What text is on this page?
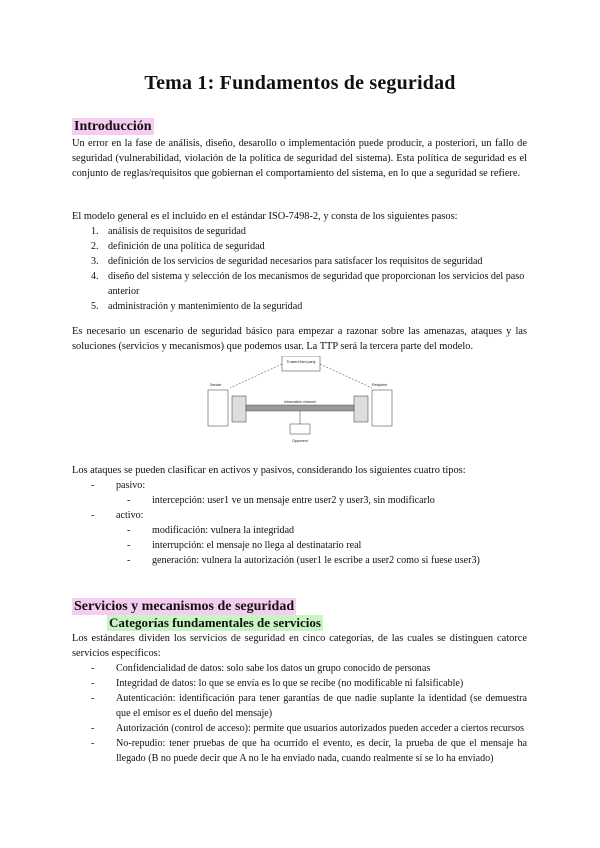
Tema 1: Fundamentos de seguridad
Introducción

Un error en la fase de análisis, diseño, desarollo o implementación puede producir, a posteriori, un fallo de seguridad (vulnerabilidad, violación de la política de seguridad del sistema). Esta política de seguridad es el conjunto de reglas/requisitos que gobiernan el comportamiento del sistema, en lo que a seguridad se refiere.

El modelo general es el incluido en el estándar ISO-7498-2, y consta de los siguientes pasos:

1. análisis de requisitos de seguridad
2. definición de una política de seguridad
3. definición de los servicios de seguridad necesarios para satisfacer los requisitos de seguridad
4. diseño del sistema y selección de los mecanismos de seguridad que proporcionan los servicios del paso anterior
5. administración y mantenimiento de la seguridad

Es necesario un escenario de seguridad básico para empezar a razonar sobre las amenazas, ataques y las soluciones (servicios y mecanismos) que podemos usar. La TTP será la tercera parte del modelo.

Trusted third party
Sender	Recipient
Information channel
Opponent

Los ataques se pueden clasificar en activos y pasivos, considerando los siguientes cuatro tipos:

- pasivo:
- intercepción: user1 ve un mensaje entre user2 y user3, sin modificarlo
- activo:
- modificación: vulnera la integridad
- interrupción: el mensaje no llega al destinatario real
- generación: vulnera la autorización (user1 le escribe a user2 como si fuese user3)
Servicios y mecanismos de seguridad
Categorías fundamentales de servicios

Los estándares dividen los servicios de seguridad en cinco categorías, de las cuales se distinguen catorce servicios específicos:

- Confidencialidad de datos: solo sabe los datos un grupo conocido de personas
- Integridad de datos: lo que se envía es lo que se recibe (no modificable ni falsificable)
- Autenticación: identificación para tener garantías de que nadie suplante la identidad (se demuestra que el emisor es el dueño del mensaje)
- Autorización (control de acceso): permite que usuarios autorizados pueden acceder a ciertos recursos
- No-repudio: tener pruebas de que ha ocurrido el evento, es decir, la prueba de que el mensaje ha llegado (B no puede decir que A no le ha enviado nada, cuando realmente sí se lo ha enviado)
